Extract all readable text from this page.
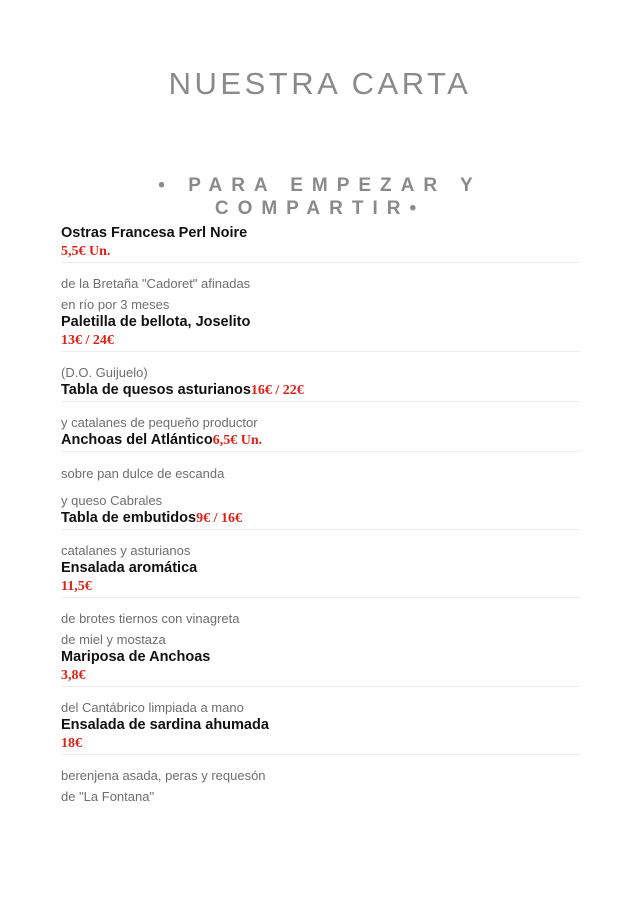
NUESTRA CARTA
• PARA EMPEZAR Y COMPARTIR•
Ostras Francesa Perl Noire
5,5€ Un.
de la Bretaña "Cadoret" afinadas
en río por 3 meses
Paletilla de bellota, Joselito
13€ / 24€
(D.O. Guijuelo)
Tabla de quesos asturianos16€ / 22€
y catalanes de pequeño productor
Anchoas del Atlántico6,5€ Un.
sobre pan dulce de escanda
y queso Cabrales
Tabla de embutidos9€ / 16€
catalanes y asturianos
Ensalada aromática
11,5€
de brotes tiernos con vinagreta
de miel y mostaza
Mariposa de Anchoas
3,8€
del Cantábrico limpiada a mano
Ensalada de sardina ahumada
18€
berenjena asada, peras y requesón
de "La Fontana"
